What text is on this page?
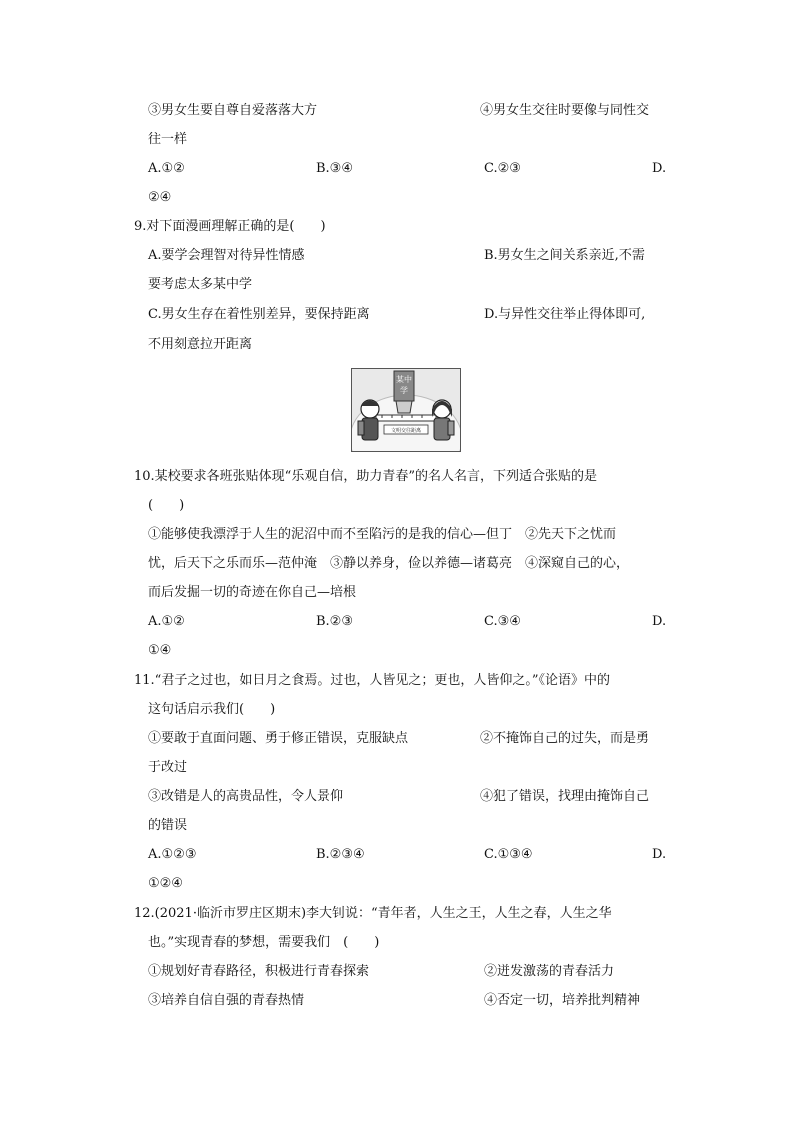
③男女生要自尊自爱落落大方	④男女生交往时要像与同性交
往一样
A.①②	B.③④	C.②③	D.
②④
9.对下面漫画理解正确的是(　　)
A.要学会理智对待异性情感	B.男女生之间关系亲近,不需
要考虑太多某中学
C.男女生存在着性别差异，要保持距离	D.与异性交往举止得体即可,
不用刻意拉开距离
某中
学
文明交往距离
10.某校要求各班张贴体现“乐观自信，助力青春”的名人名言，下列适合张贴的是
(　　)
①能够使我漂浮于人生的泥沼中而不至陷污的是我的信心—但丁　②先天下之忧而
忧，后天下之乐而乐—范仲淹　③静以养身，俭以养德—诸葛亮　④深窥自己的心，
而后发掘一切的奇迹在你自己—培根
A.①②	B.②③	C.③④	D.
①④
11.“君子之过也，如日月之食焉。过也，人皆见之；更也，人皆仰之。”《论语》中的
这句话启示我们(　　)
①要敢于直面问题、勇于修正错误，克服缺点	②不掩饰自己的过失，而是勇
于改过
③改错是人的高贵品性，令人景仰	④犯了错误，找理由掩饰自己
的错误
A.①②③	B.②③④	C.①③④	D.
①②④
12.(2021·临沂市罗庄区期末)李大钊说：“青年者，人生之王，人生之春，人生之华
也。”实现青春的梦想，需要我们　(　　)
①规划好青春路径，积极进行青春探索	②迸发激荡的青春活力
③培养自信自强的青春热情	④否定一切，培养批判精神
